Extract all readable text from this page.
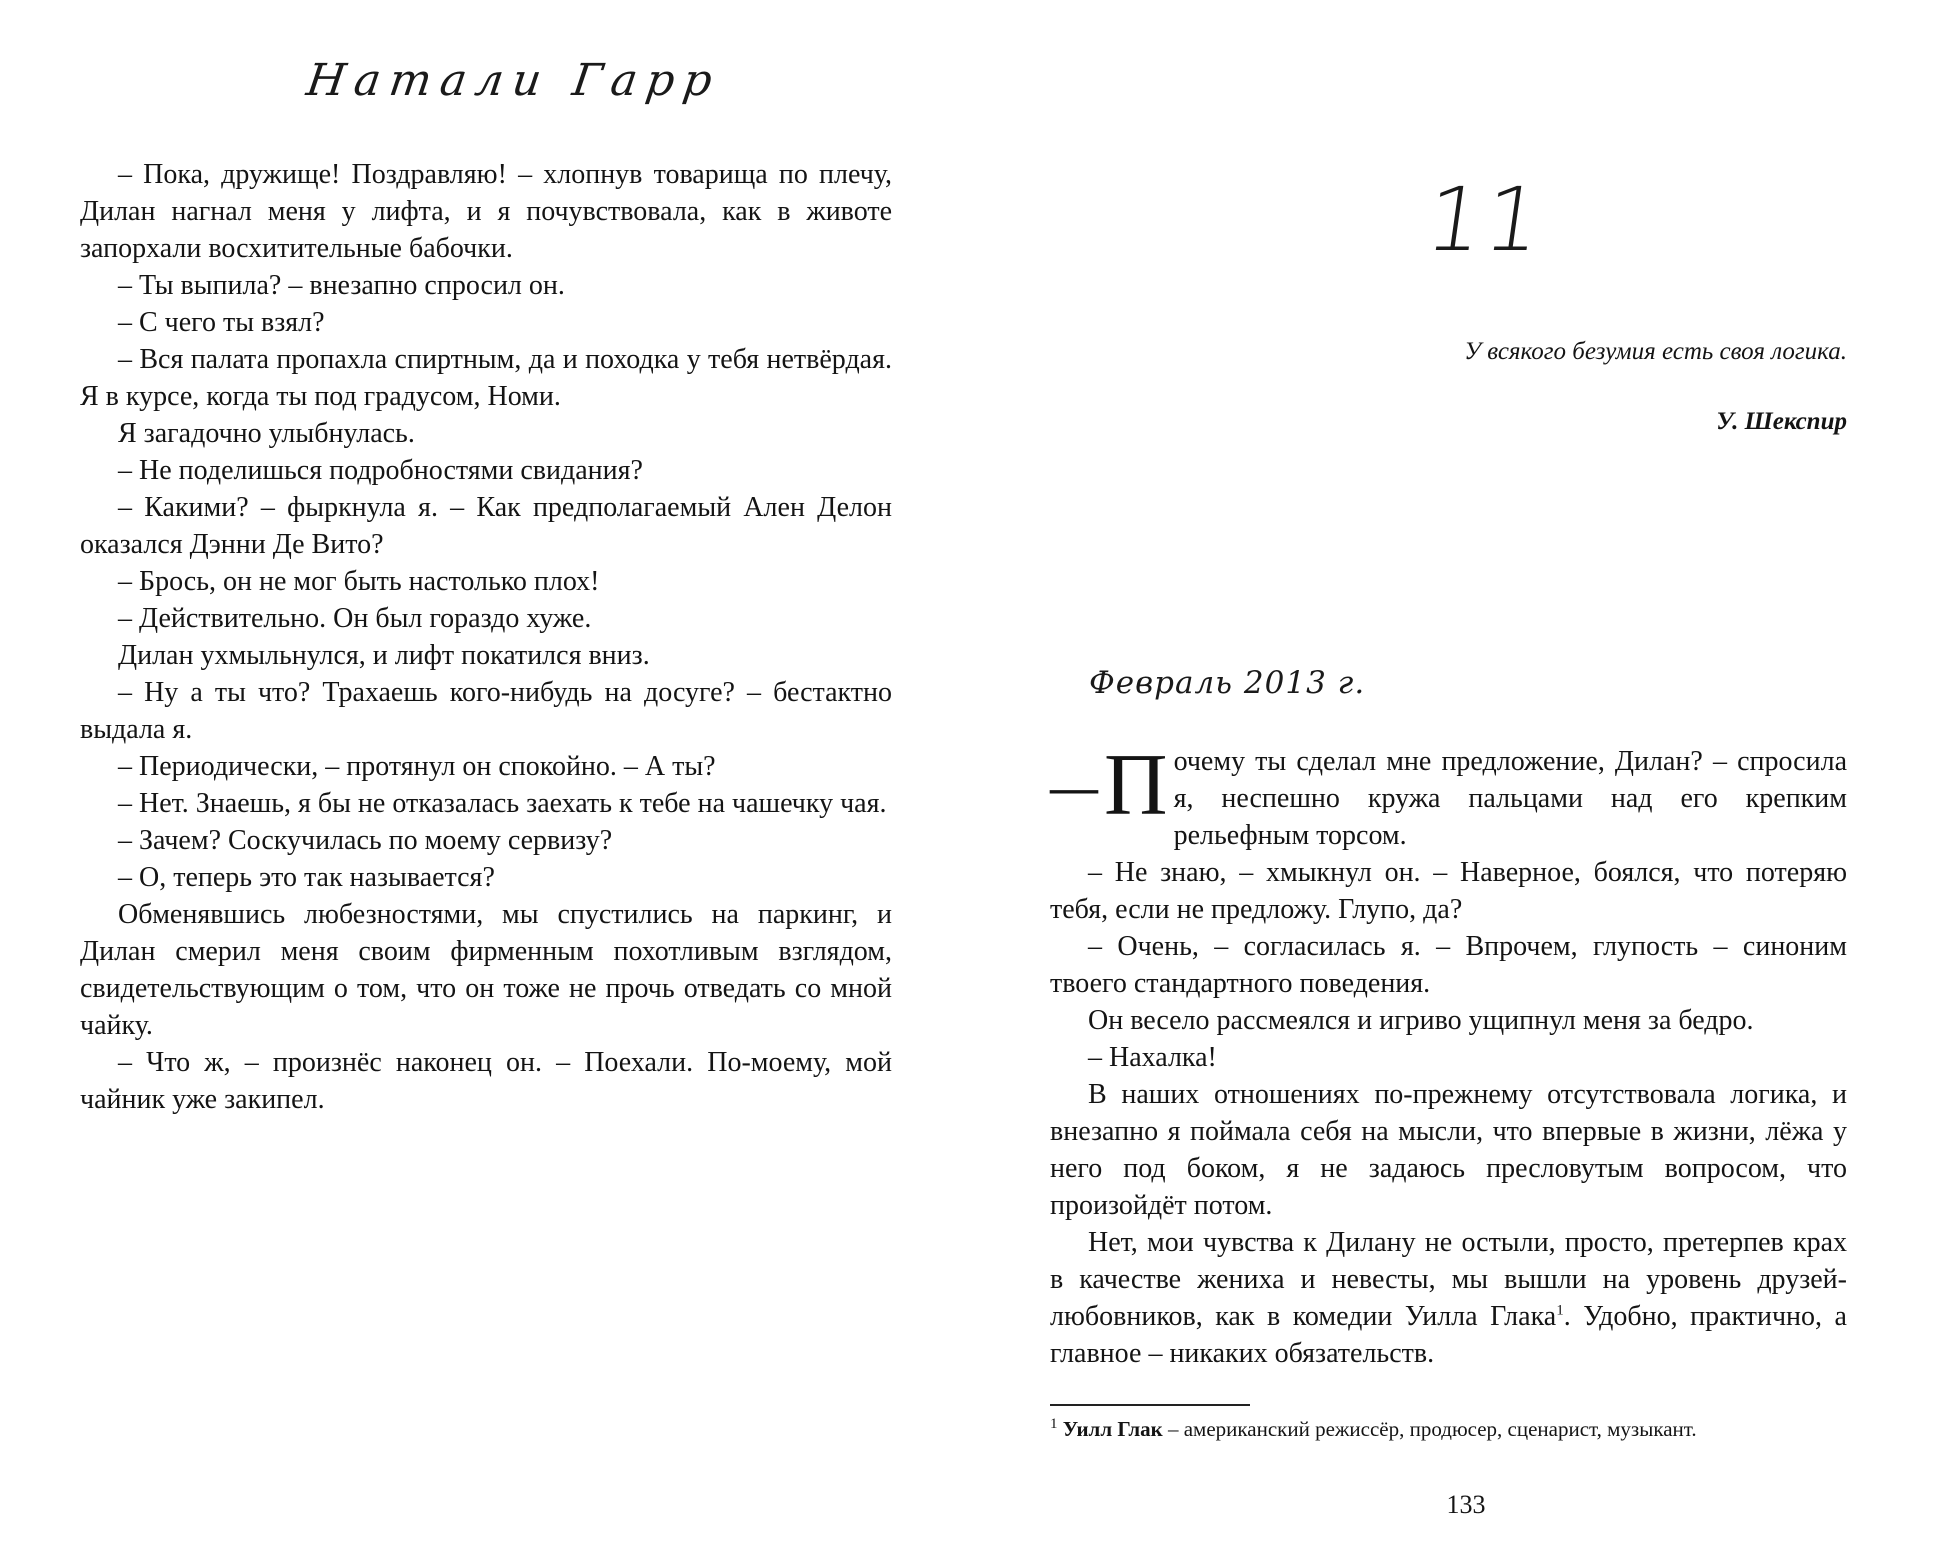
Натали Гарр

– Пока, дружище! Поздравляю! – хлопнув товарища по плечу, Дилан нагнал меня у лифта, и я почувствовала, как в животе запорхали восхитительные бабочки.

– Ты выпила? – внезапно спросил он.

– С чего ты взял?

– Вся палата пропахла спиртным, да и походка у тебя нетвёрдая. Я в курсе, когда ты под градусом, Номи.

Я загадочно улыбнулась.

– Не поделишься подробностями свидания?

– Какими? – фыркнула я. – Как предполагаемый Ален Делон оказался Дэнни Де Вито?

– Брось, он не мог быть настолько плох!

– Действительно. Он был гораздо хуже.

Дилан ухмыльнулся, и лифт покатился вниз.

– Ну а ты что? Трахаешь кого-нибудь на досуге? – бестактно выдала я.

– Периодически, – протянул он спокойно. – А ты?

– Нет. Знаешь, я бы не отказалась заехать к тебе на чашечку чая.

– Зачем? Соскучилась по моему сервизу?

– О, теперь это так называется?

Обменявшись любезностями, мы спустились на паркинг, и Дилан смерил меня своим фирменным похотливым взглядом, свидетельствующим о том, что он тоже не прочь отведать со мной чайку.

– Что ж, – произнёс наконец он. – Поехали. По-моему, мой чайник уже закипел.

11

У всякого безумия есть своя логика.

У. Шекспир

Февраль 2013 г.

— П очему ты сделал мне предложение, Дилан? – спросила я, неспешно кружа пальцами над его крепким рельефным торсом.

– Не знаю, – хмыкнул он. – Наверное, боялся, что потеряю тебя, если не предложу. Глупо, да?

– Очень, – согласилась я. – Впрочем, глупость – синоним твоего стандартного поведения.

Он весело рассмеялся и игриво ущипнул меня за бедро.

– Нахалка!

В наших отношениях по-прежнему отсутствовала логика, и внезапно я поймала себя на мысли, что впервые в жизни, лёжа у него под боком, я не задаюсь пресловутым вопросом, что произойдёт потом.

Нет, мои чувства к Дилану не остыли, просто, претерпев крах в качестве жениха и невесты, мы вышли на уровень друзей-любовников, как в комедии Уилла Глака$^1$. Удобно, практично, а главное – никаких обязательств.

$^1$ Уилл Глак – американский режиссёр, продюсер, сценарист, музыкант.

133
